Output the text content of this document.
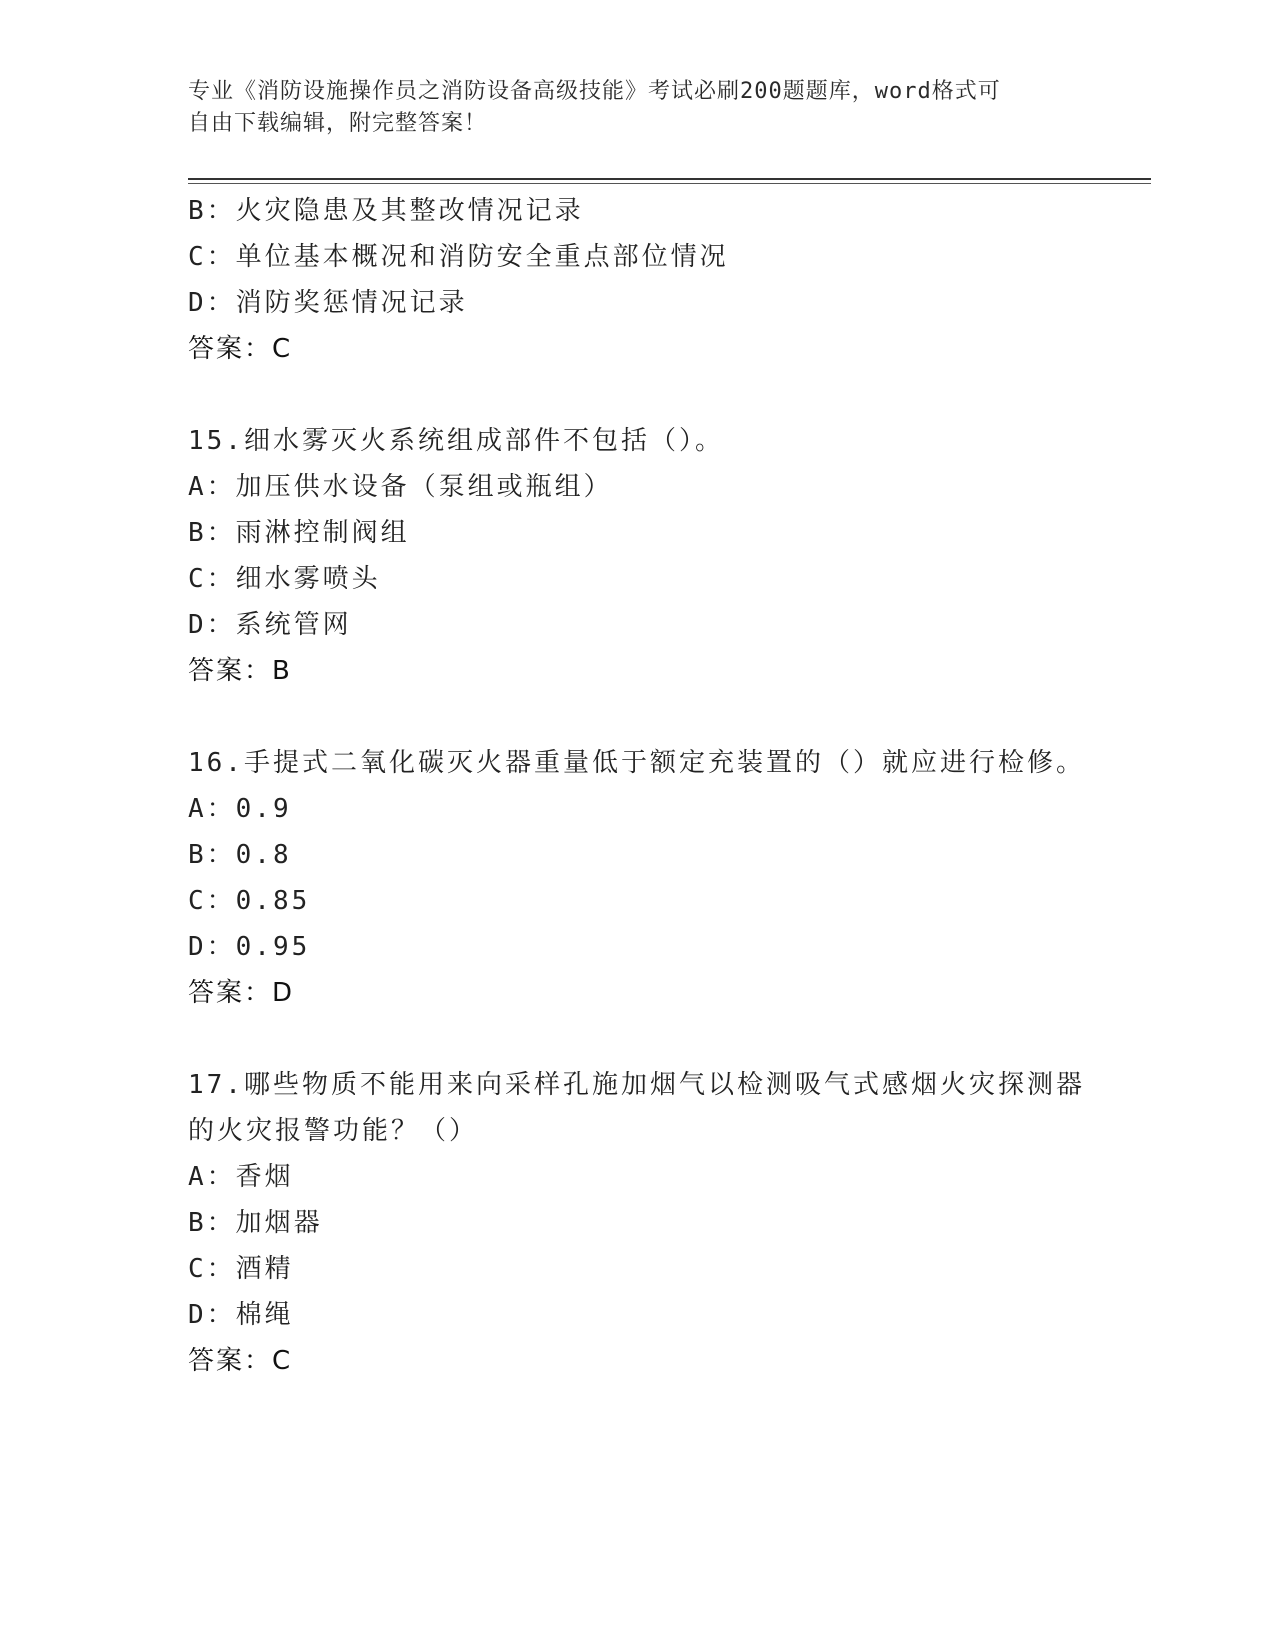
专业《消防设施操作员之消防设备高级技能》考试必刷200题题库，word格式可
自由下载编辑，附完整答案！
B：火灾隐患及其整改情况记录
C：单位基本概况和消防安全重点部位情况
D：消防奖惩情况记录
答案：C
15.细水雾灭火系统组成部件不包括（）。
A：加压供水设备（泵组或瓶组）
B：雨淋控制阀组
C：细水雾喷头
D：系统管网
答案：B
16.手提式二氧化碳灭火器重量低于额定充装置的（）就应进行检修。
A：0.9
B：0.8
C：0.85
D：0.95
答案：D
17.哪些物质不能用来向采样孔施加烟气以检测吸气式感烟火灾探测器
的火灾报警功能？（）
A：香烟
B：加烟器
C：酒精
D：棉绳
答案：C
